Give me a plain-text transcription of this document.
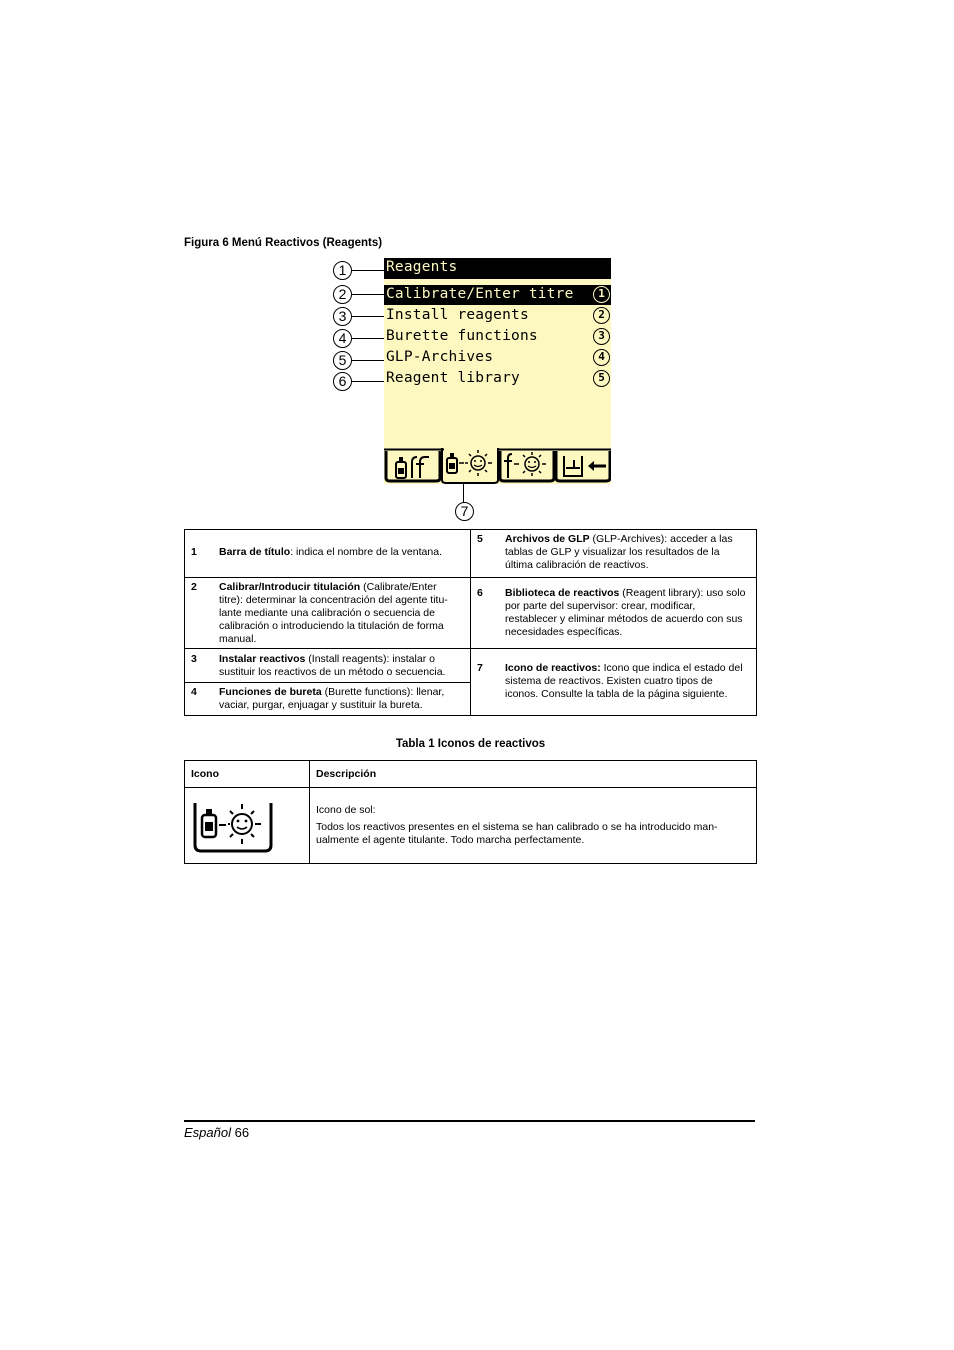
Figura 6 Menú Reactivos (Reagents)
Reagents
Calibrate/Enter titre	1
Install reagents	2
Burette functions	3
GLP-Archives	4
Reagent library	5
1
2
3
4
5
6
7
1 Barra de título: indica el nombre de la ventana.
2 Calibrar/Introducir titulación (Calibrate/Enter titre): determinar la concentración del agente titu- lante mediante una calibración o secuencia de calibración o introduciendo la titulación de forma manual.
3 Instalar reactivos (Install reagents): instalar o sustituir los reactivos de un método o secuencia.
4 Funciones de bureta (Burette functions): llenar, vaciar, purgar, enjuagar y sustituir la bureta.
5 Archivos de GLP (GLP-Archives): acceder a las tablas de GLP y visualizar los resultados de la última calibración de reactivos.
6 Biblioteca de reactivos (Reagent library): uso solo por parte del supervisor: crear, modificar, restablecer y eliminar métodos de acuerdo con sus necesidades específicas.
7 Icono de reactivos: Icono que indica el estado del sistema de reactivos. Existen cuatro tipos de iconos. Consulte la tabla de la página siguiente.
Tabla 1 Iconos de reactivos
Icono	Descripción
Icono de sol:
Todos los reactivos presentes en el sistema se han calibrado o se ha introducido man- ualmente el agente titulante. Todo marcha perfectamente.
Español 66
